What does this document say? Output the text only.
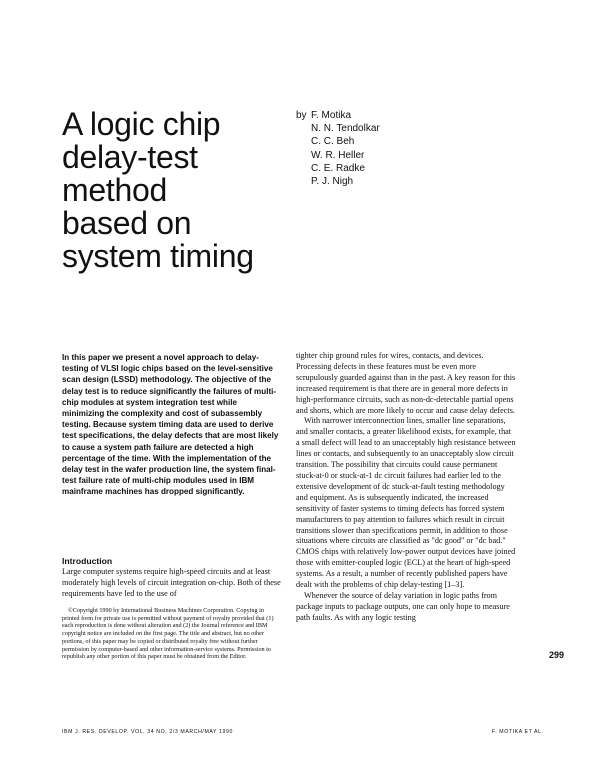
A logic chip
delay-test
method
based on
system timing
by F. Motika
N. N. Tendolkar
C. C. Beh
W. R. Heller
C. E. Radke
P. J. Nigh

In this paper we present a novel approach to delay-testing of VLSI logic chips based on the level-sensitive scan design (LSSD) methodology. The objective of the delay test is to reduce significantly the failures of multi-chip modules at system integration test while minimizing the complexity and cost of subassembly testing. Because system timing data are used to derive test specifications, the delay defects that are most likely to cause a system path failure are detected a high percentage of the time. With the implementation of the delay test in the wafer production line, the system final-test failure rate of multi-chip modules used in IBM mainframe machines has dropped significantly.

Introduction

Large computer systems require high-speed circuits and at least moderately high levels of circuit integration on-chip. Both of these requirements have led to the use of

©Copyright 1990 by International Business Machines Corporation. Copying in printed form for private use is permitted without payment of royalty provided that (1) each reproduction is done without alteration and (2) the Journal reference and IBM copyright notice are included on the first page. The title and abstract, but no other portions, of this paper may be copied or distributed royalty free without further permission by computer-based and other information-service systems. Permission to republish any other portion of this paper must be obtained from the Editor.

tighter chip ground rules for wires, contacts, and devices. Processing defects in these features must be even more scrupulously guarded against than in the past. A key reason for this increased requirement is that there are in general more defects in high-performance circuits, such as non-dc-detectable partial opens and shorts, which are more likely to occur and cause delay defects.

With narrower interconnection lines, smaller line separations, and smaller contacts, a greater likelihood exists, for example, that a small defect will lead to an unacceptably high resistance between lines or contacts, and subsequently to an unacceptably slow circuit transition. The possibility that circuits could cause permanent stuck-at-0 or stuck-at-1 dc circuit failures had earlier led to the extensive development of dc stuck-at-fault testing methodology and equipment. As is subsequently indicated, the increased sensitivity of faster systems to timing defects has forced system manufacturers to pay attention to failures which result in circuit transitions slower than specifications permit, in addition to those situations where circuits are classified as "dc good" or "dc bad." CMOS chips with relatively low-power output devices have joined those with emitter-coupled logic (ECL) at the heart of high-speed systems. As a result, a number of recently published papers have dealt with the problems of chip delay-testing [1–3].

Whenever the source of delay variation in logic paths from package inputs to package outputs, one can only hope to measure path faults. As with any logic testing

299
IBM J. RES. DEVELOP. VOL. 34 NO. 2/3 MARCH/MAY 1990	F. MOTIKA ET AL.
